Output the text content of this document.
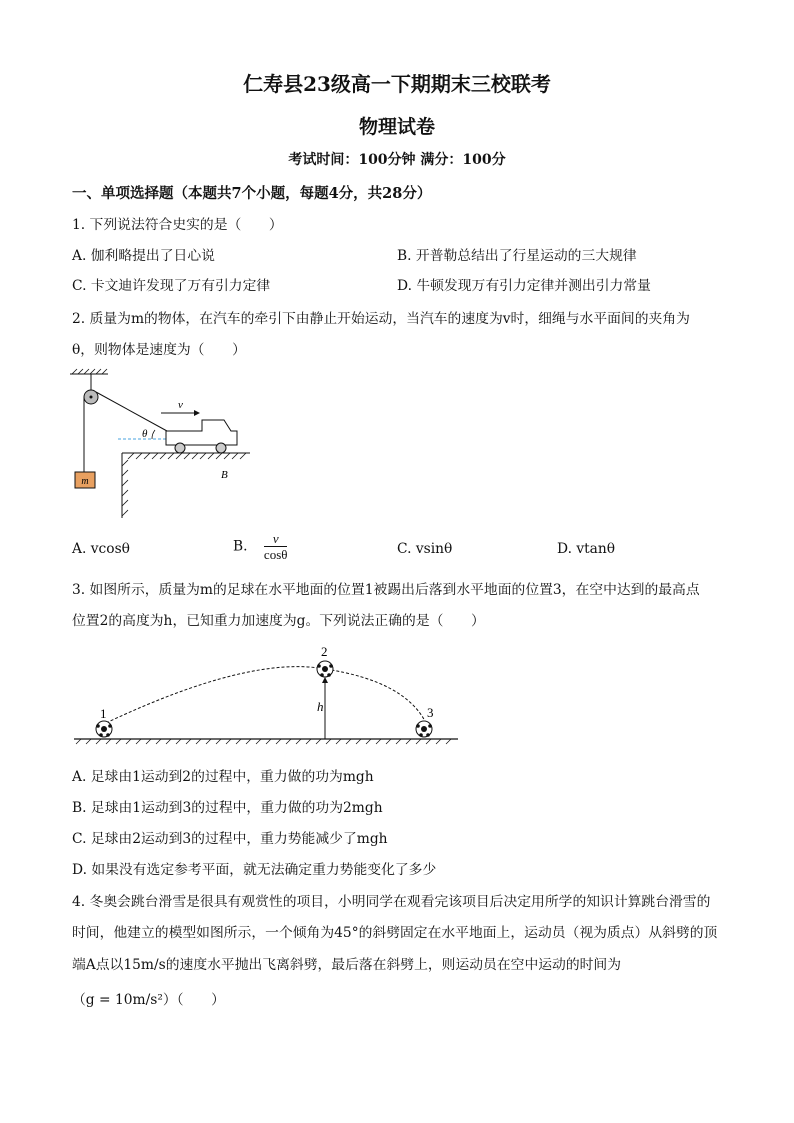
仁寿县23级高一下期期末三校联考
物理试卷
考试时间：100分钟 满分：100分
一、单项选择题（本题共7个小题，每题4分，共28分）
1. 下列说法符合史实的是（　　）
A. 伽利略提出了日心说	B. 开普勒总结出了行星运动的三大规律
C. 卡文迪许发现了万有引力定律	D. 牛顿发现万有引力定律并测出引力常量
2. 质量为m的物体，在汽车的牵引下由静止开始运动，当汽车的速度为v时，细绳与水平面间的夹角为
θ，则物体是速度为（　　）
m
θ
v
B
A. vcosθ	B. $\frac{v}{\cos\theta}$	C. vsinθ	D. vtanθ
3. 如图所示，质量为m的足球在水平地面的位置1被踢出后落到水平地面的位置3，在空中达到的最高点
位置2的高度为h，已知重力加速度为g。下列说法正确的是（　　）
h
1
2
3
A. 足球由1运动到2的过程中，重力做的功为mgh
B. 足球由1运动到3的过程中，重力做的功为2mgh
C. 足球由2运动到3的过程中，重力势能减少了mgh
D. 如果没有选定参考平面，就无法确定重力势能变化了多少
4. 冬奥会跳台滑雪是很具有观赏性的项目，小明同学在观看完该项目后决定用所学的知识计算跳台滑雪的
时间，他建立的模型如图所示，一个倾角为45°的斜劈固定在水平地面上，运动员（视为质点）从斜劈的顶
端A点以15m/s的速度水平抛出飞离斜劈，最后落在斜劈上，则运动员在空中运动的时间为
（g = 10m/s²）（　　）
